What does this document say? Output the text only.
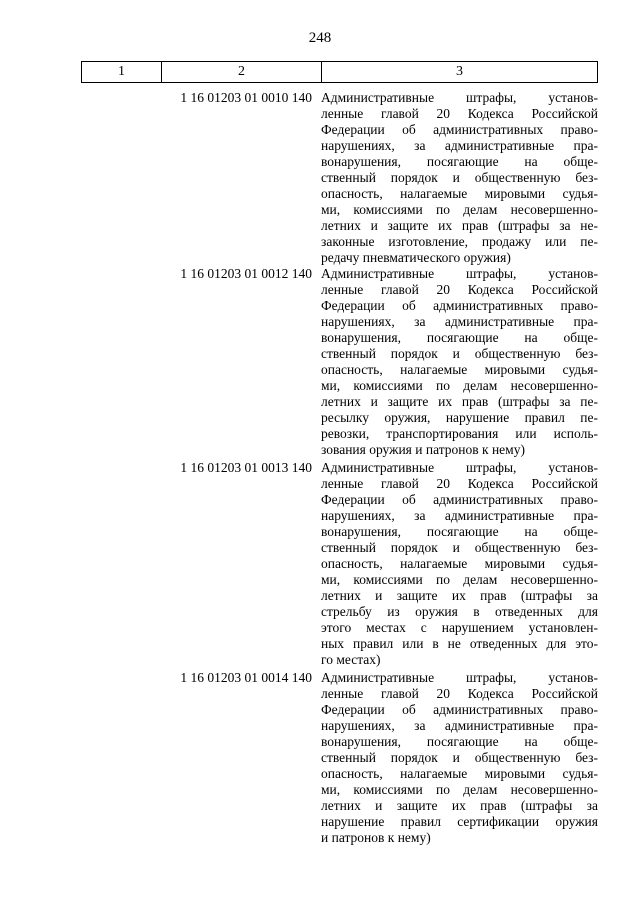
248
1	2	3
1 16 01203 01 0010 140 Административные штрафы, установ-
ленные главой 20 Кодекса Российской
Федерации об административных право-
нарушениях, за административные пра-
вонарушения, посягающие на обще-
ственный порядок и общественную без-
опасность, налагаемые мировыми судья-
ми, комиссиями по делам несовершенно-
летних и защите их прав (штрафы за не-
законные изготовление, продажу или пе-
редачу пневматического оружия)
1 16 01203 01 0012 140 Административные штрафы, установ-
ленные главой 20 Кодекса Российской
Федерации об административных право-
нарушениях, за административные пра-
вонарушения, посягающие на обще-
ственный порядок и общественную без-
опасность, налагаемые мировыми судья-
ми, комиссиями по делам несовершенно-
летних и защите их прав (штрафы за пе-
ресылку оружия, нарушение правил пе-
ревозки, транспортирования или исполь-
зования оружия и патронов к нему)
1 16 01203 01 0013 140 Административные штрафы, установ-
ленные главой 20 Кодекса Российской
Федерации об административных право-
нарушениях, за административные пра-
вонарушения, посягающие на обще-
ственный порядок и общественную без-
опасность, налагаемые мировыми судья-
ми, комиссиями по делам несовершенно-
летних и защите их прав (штрафы за
стрельбу из оружия в отведенных для
этого местах с нарушением установлен-
ных правил или в не отведенных для это-
го местах)
1 16 01203 01 0014 140 Административные штрафы, установ-
ленные главой 20 Кодекса Российской
Федерации об административных право-
нарушениях, за административные пра-
вонарушения, посягающие на обще-
ственный порядок и общественную без-
опасность, налагаемые мировыми судья-
ми, комиссиями по делам несовершенно-
летних и защите их прав (штрафы за
нарушение правил сертификации оружия
и патронов к нему)
